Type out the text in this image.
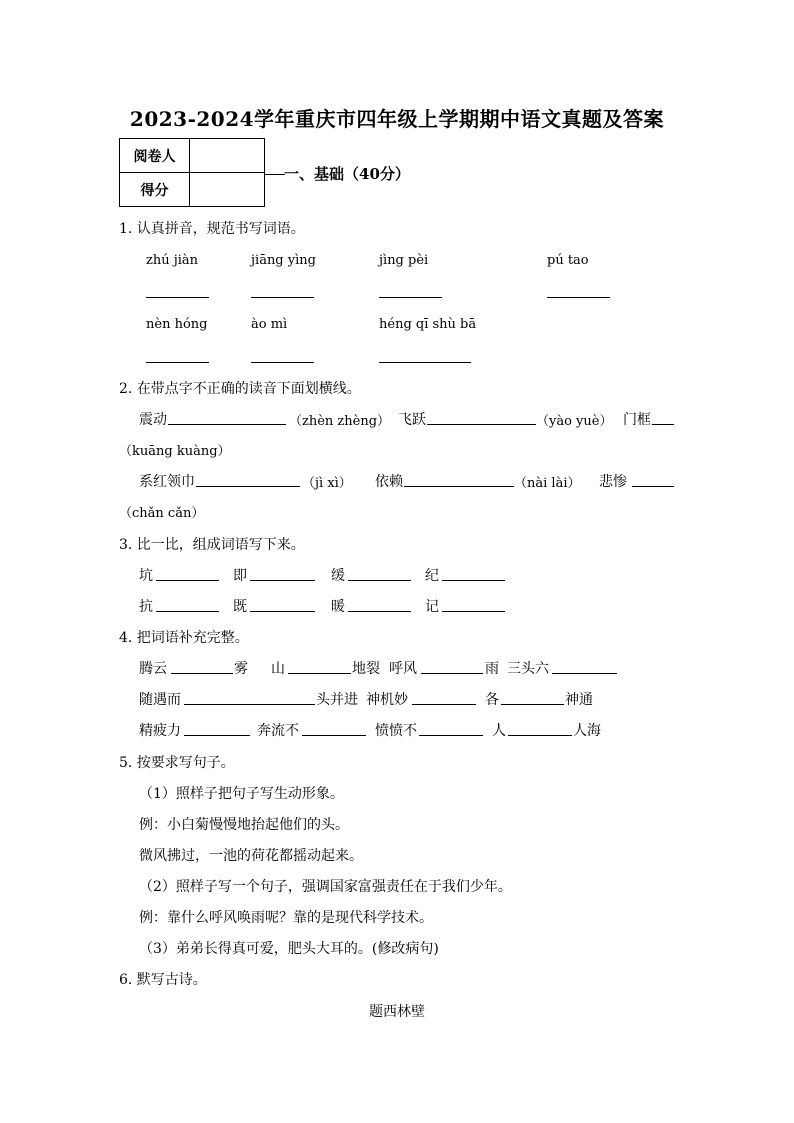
2023-2024学年重庆市四年级上学期期中语文真题及答案
阅卷人	
得分	
一、基础（40分）
1. 认真拼音，规范书写词语。
zhú jiàn	jiāng yìng	jìng pèi	pú tao
nèn hóng	ào mì	héng qī shù bā
2. 在带点字不正确的读音下面划横线。
震动	（zhèn zhèng） 飞跃	（yào yuè） 门框
（kuāng kuàng）
系红领巾	（jì xì） 依赖	（nài lài） 悲惨
（chǎn cǎn）
3. 比一比，组成词语写下来。
坑	即	缓	纪
抗	既	暖	记
4. 把词语补充完整。
腾云	雾 山	地裂 呼风	雨 三头六
随遇而	头并进 神机妙	各	神通
精疲力	奔流不	愤愤不	人	人海
5. 按要求写句子。
（1）照样子把句子写生动形象。
例：小白菊慢慢地抬起他们的头。
微风拂过，一池的荷花都摇动起来。
（2）照样子写一个句子，强调国家富强责任在于我们少年。
例：靠什么呼风唤雨呢？靠的是现代科学技术。
（3）弟弟长得真可爱，肥头大耳的。(修改病句)
6. 默写古诗。
题西林壁
